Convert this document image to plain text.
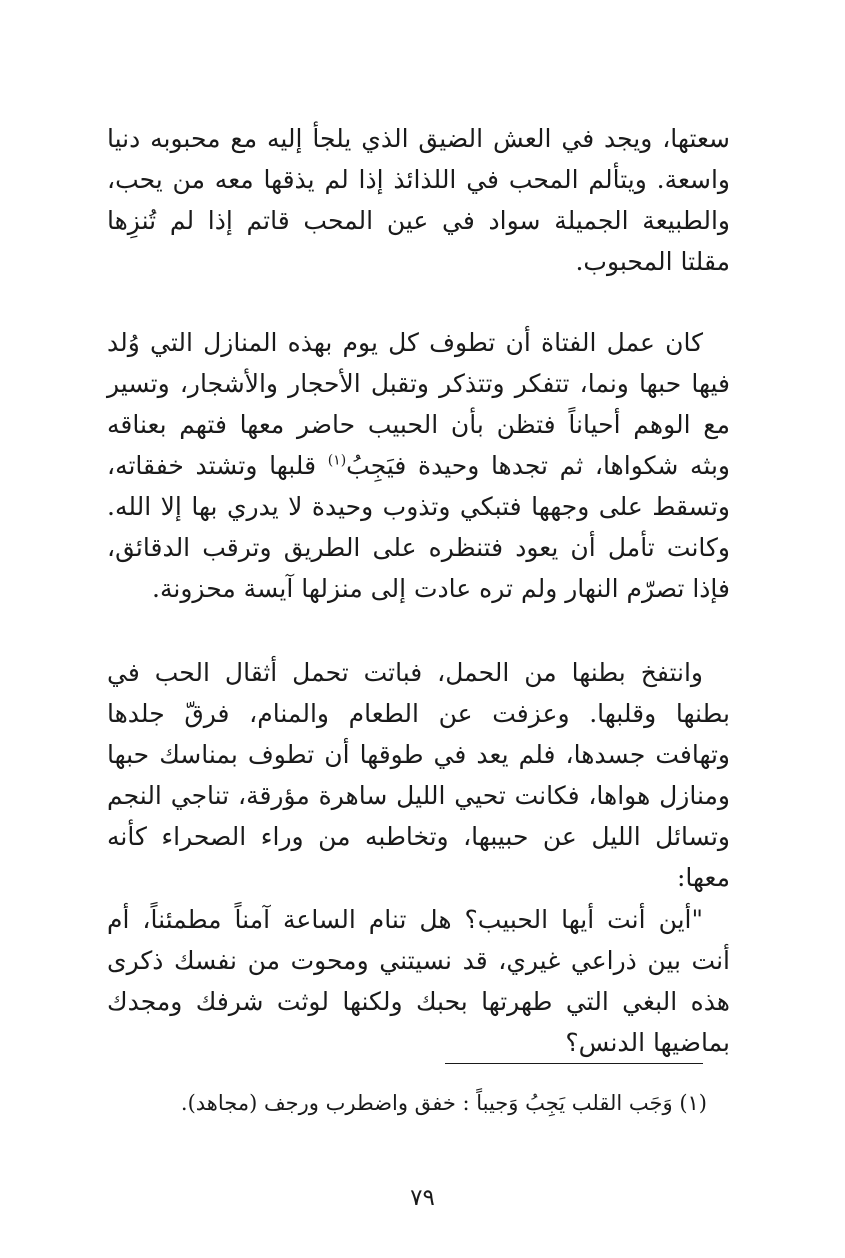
سعتها، ويجد في العش الضيق الذي يلجأ إليه مع محبوبه دنيا واسعة. ويتألم المحب في اللذائذ إذا لم يذقها معه من يحب، والطبيعة الجميلة سواد في عين المحب قاتم إذا لم تُنزِها مقلتا المحبوب.

كان عمل الفتاة أن تطوف كل يوم بهذه المنازل التي وُلد فيها حبها ونما، تتفكر وتتذكر وتقبل الأحجار والأشجار، وتسير مع الوهم أحياناً فتظن بأن الحبيب حاضر معها فتهم بعناقه وبثه شكواها، ثم تجدها وحيدة فيَجِبُ$^{(١)}$ قلبها وتشتد خفقاته، وتسقط على وجهها فتبكي وتذوب وحيدة لا يدري بها إلا الله. وكانت تأمل أن يعود فتنظره على الطريق وترقب الدقائق، فإذا تصرّم النهار ولم تره عادت إلى منزلها آيسة محزونة.

وانتفخ بطنها من الحمل، فباتت تحمل أثقال الحب في بطنها وقلبها. وعزفت عن الطعام والمنام، فرقّ جلدها وتهافت جسدها، فلم يعد في طوقها أن تطوف بمناسك حبها ومنازل هواها، فكانت تحيي الليل ساهرة مؤرقة، تناجي النجم وتسائل الليل عن حبيبها، وتخاطبه من وراء الصحراء كأنه معها:

"أين أنت أيها الحبيب؟ هل تنام الساعة آمناً مطمئناً، أم أنت بين ذراعي غيري، قد نسيتني ومحوت من نفسك ذكرى هذه البغي التي طهرتها بحبك ولكنها لوثت شرفك ومجدك بماضيها الدنس؟

(١) وَجَب القلب يَجِبُ وَجيباً : خفق واضطرب ورجف (مجاهد).

٧٩
